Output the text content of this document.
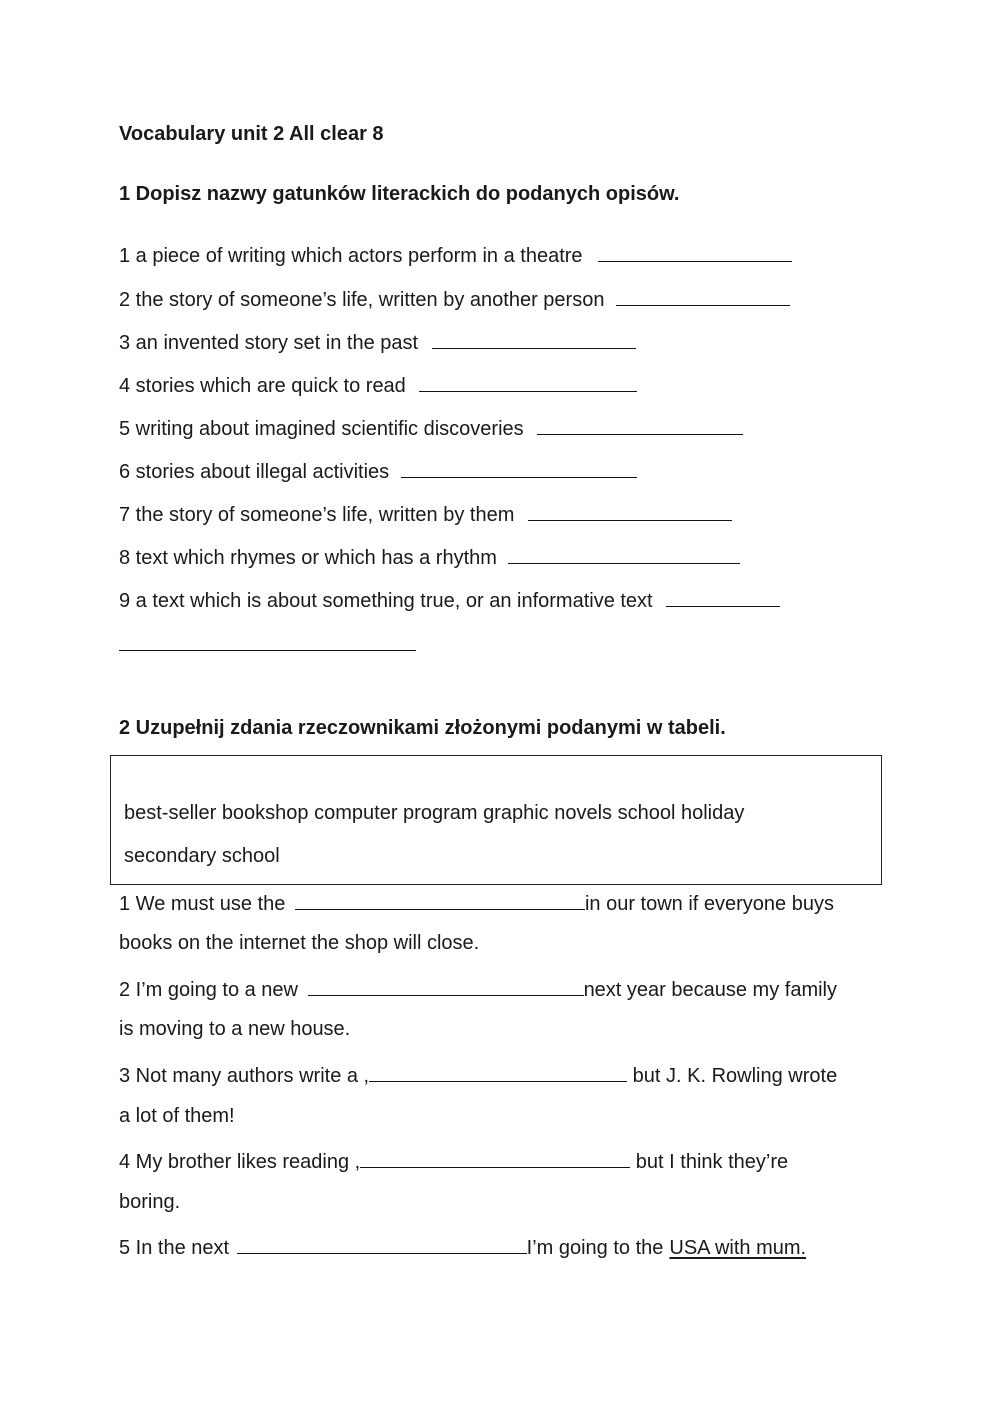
Vocabulary unit 2 All clear 8
1 Dopisz nazwy gatunków literackich do podanych opisów.
1 a piece of writing which actors perform in a theatre
2 the story of someone’s life, written by another person
3 an invented story set in the past
4 stories which are quick to read
5 writing about imagined scientific discoveries
6 stories about illegal activities
7 the story of someone’s life, written by them
8 text which rhymes or which has a rhythm
9 a text which is about something true, or an informative text
2 Uzupełnij zdania rzeczownikami złożonymi podanymi w tabeli.
best-seller bookshop computer program graphic novels school holiday
secondary school
1 We must use the	in our town if everyone buys
books on the internet the shop will close.
2 I’m going to a new	next year because my family
is moving to a new house.
3 Not many authors write a ,	but J. K. Rowling wrote
a lot of them!
4 My brother likes reading ,	but I think they’re
boring.
5 In the next	I’m going to the USA with mum.
